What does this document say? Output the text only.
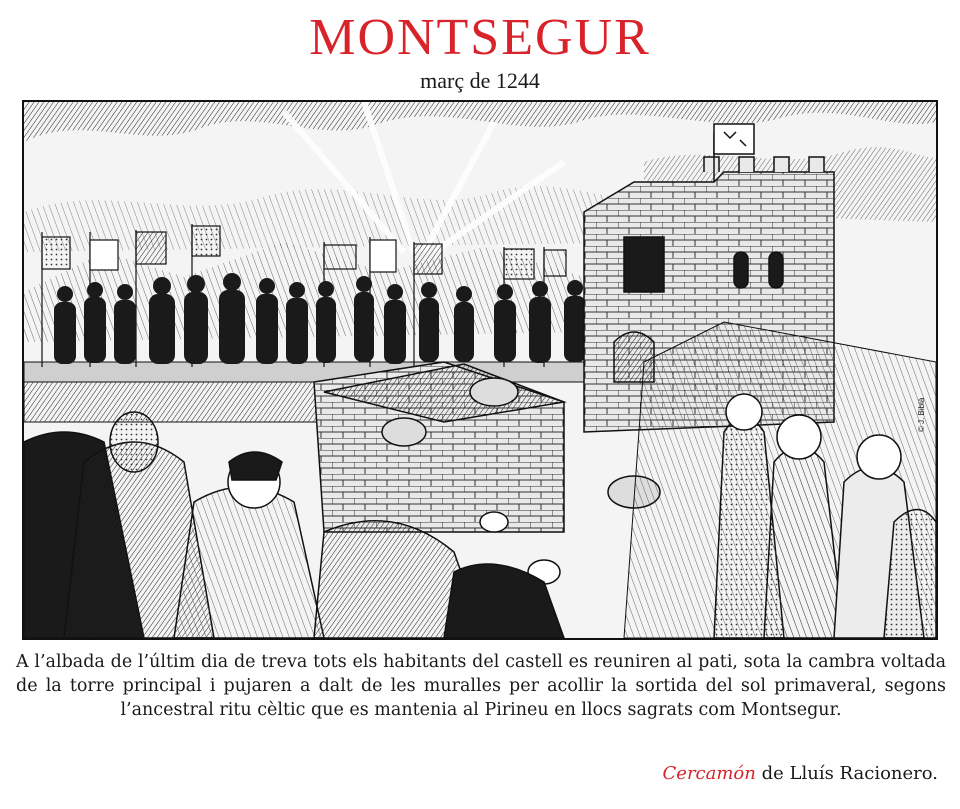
MONTSEGUR
març de 1244
© J. Bibià
A l’albada de l’últim dia de treva tots els habitants del castell es reuniren al pati, sota la cambra voltada de la torre principal i pujaren a dalt de les muralles per acollir la sortida del sol primaveral, segons l’ancestral ritu cèltic que es mantenia al Pirineu en llocs sagrats com Montsegur.
Cercamón de Lluís Racionero.
